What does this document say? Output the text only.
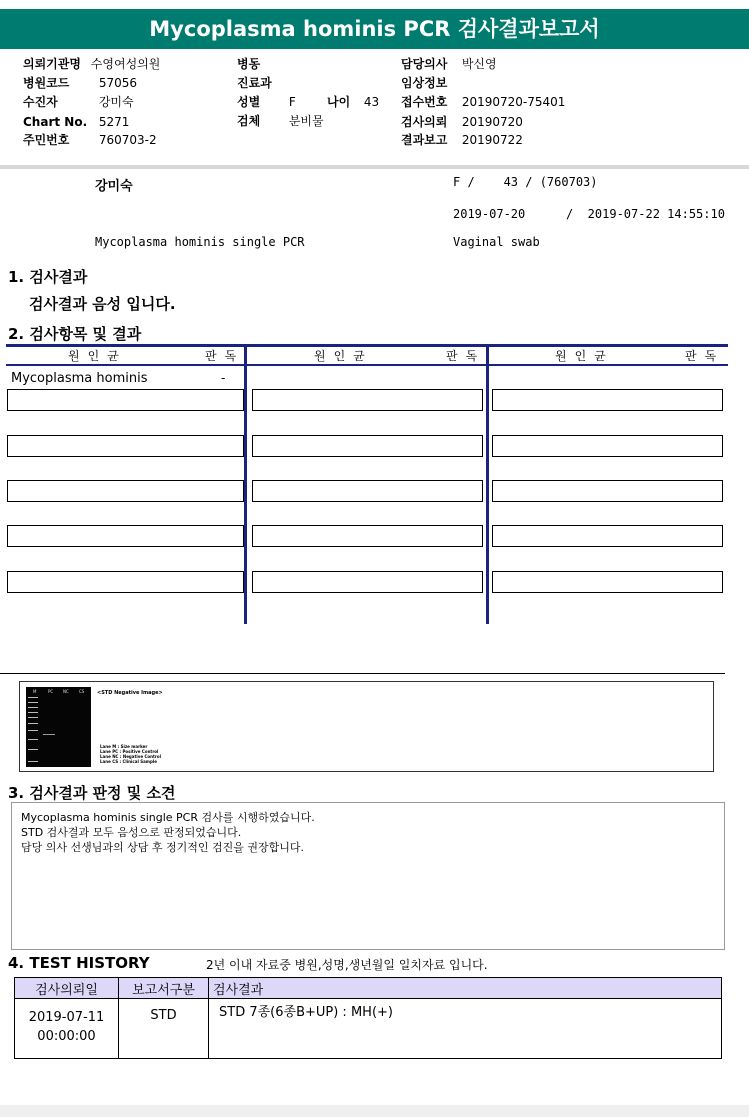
Mycoplasma hominis PCR 검사결과보고서
의뢰기관명 수영여성의원
병원코드 57056
수진자	강미숙
Chart No. 5271
주민번호 760703-2
병동
진료과
성별 F	나이 43
검체 분비물
담당의사 박신영
임상정보
접수번호 20190720-75401
검사의뢰 20190720
결과보고 20190722
강미숙	F /    43 / (760703)
2019-07-20	/  2019-07-22 14:55:10
Mycoplasma hominis single PCR	Vaginal swab
1. 검사결과
검사결과 음성 입니다.
2. 검사항목 및 결과
원인균	판독	원인균	판독	원인균	판독
Mycoplasma hominis	-
M	PC NC	CS	<STD Negative Image>
Lane M : Size marker
Lane PC : Positive Control
Lane NC : Negative Control
Lane CS : Clinical Sample
3. 검사결과 판정 및 소견
Mycoplasma hominis single PCR 검사를 시행하였습니다.
STD 검사결과 모두 음성으로 판정되었습니다.
담당 의사 선생님과의 상담 후 정기적인 검진을 권장합니다.
4. TEST HISTORY	2년 이내 자료중 병원,성명,생년월일 일치자료 입니다.
검사의뢰일	보고서구분	검사결과

2019-07-11
00:00:00	STD	STD 7종(6종B+UP) : MH(+)
